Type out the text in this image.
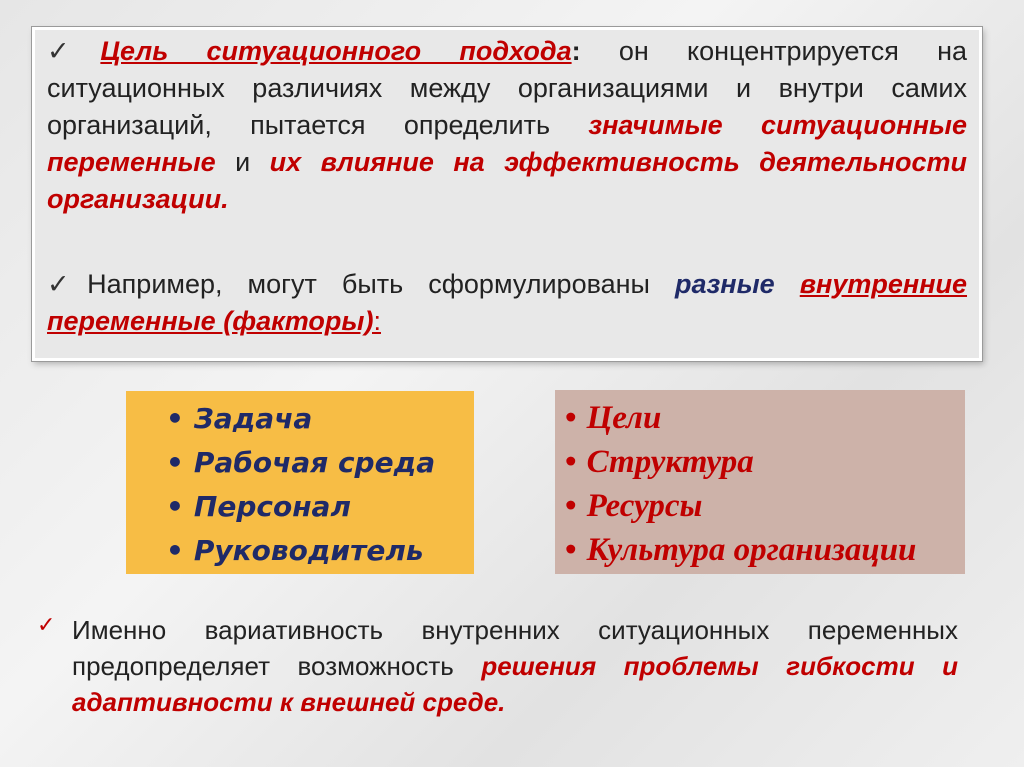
✓Цель ситуационного подхода: он концентрируется на ситуационных различиях между организациями и внутри самих организаций, пытается определить значимые ситуационные переменные и их влияние на эффективность деятельности организации.

✓Например, могут быть сформулированы разные внутренние переменные (факторы):

• Задача
• Рабочая среда
• Персонал
• Руководитель
• Цели
• Структура
• Ресурсы
• Культура организации
✓ Именно вариативность внутренних ситуационных переменных предопределяет возможность решения проблемы гибкости и адаптивности к внешней среде.
